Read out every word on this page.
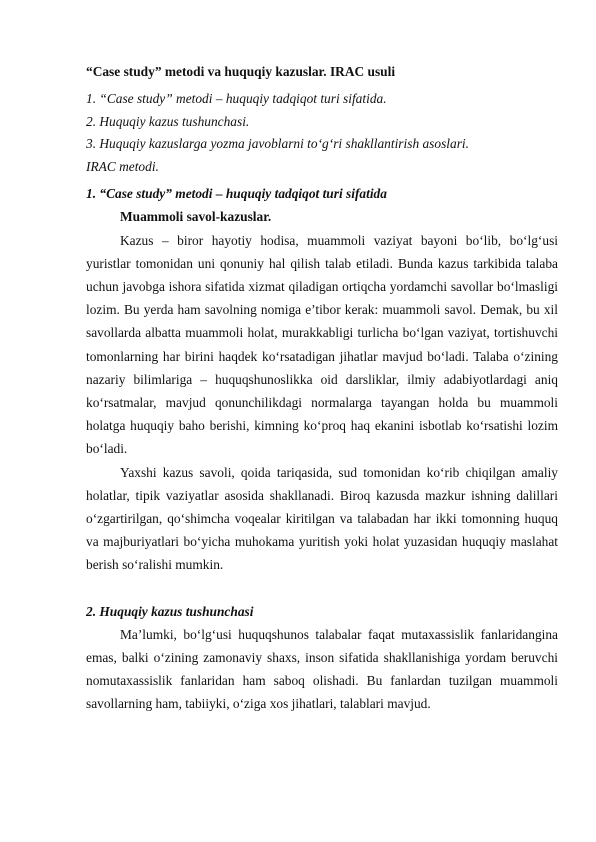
“Case study” metodi va huquqiy kazuslar. IRAC usuli

1. “Case study” metodi – huquqiy tadqiqot turi sifatida.
2. Huquqiy kazus tushunchasi.
3. Huquqiy kazuslarga yozma javoblarni to‘g‘ri shakllantirish asoslari.
IRAC metodi.

1. “Case study” metodi – huquqiy tadqiqot turi sifatida

Muammoli savol-kazuslar.

Kazus – biror hayotiy hodisa, muammoli vaziyat bayoni bo‘lib, bo‘lg‘usi yuristlar tomonidan uni qonuniy hal qilish talab etiladi. Bunda kazus tarkibida talaba uchun javobga ishora sifatida xizmat qiladigan ortiqcha yordamchi savollar bo‘lmasligi lozim. Bu yerda ham savolning nomiga e’tibor kerak: muammoli savol. Demak, bu xil savollarda albatta muammoli holat, murakkabligi turlicha bo‘lgan vaziyat, tortishuvchi tomonlarning har birini haqdek ko‘rsatadigan jihatlar mavjud bo‘ladi. Talaba o‘zining nazariy bilimlariga – huquqshunoslikka oid darsliklar, ilmiy adabiyotlardagi aniq ko‘rsatmalar, mavjud qonunchilikdagi normalarga tayangan holda bu muammoli holatga huquqiy baho berishi, kimning ko‘proq haq ekanini isbotlab ko‘rsatishi lozim bo‘ladi.

Yaxshi kazus savoli, qoida tariqasida, sud tomonidan ko‘rib chiqilgan amaliy holatlar, tipik vaziyatlar asosida shakllanadi. Biroq kazusda mazkur ishning dalillari o‘zgartirilgan, qo‘shimcha voqealar kiritilgan va talabadan har ikki tomonning huquq va majburiyatlari bo‘yicha muhokama yuritish yoki holat yuzasidan huquqiy maslahat berish so‘ralishi mumkin.

2. Huquqiy kazus tushunchasi

Ma’lumki, bo‘lg‘usi huquqshunos talabalar faqat mutaxassislik fanlaridangina emas, balki o‘zining zamonaviy shaxs, inson sifatida shakllanishiga yordam beruvchi nomutaxassislik fanlaridan ham saboq olishadi. Bu fanlardan tuzilgan muammoli savollarning ham, tabiiyki, o‘ziga xos jihatlari, talablari mavjud.
